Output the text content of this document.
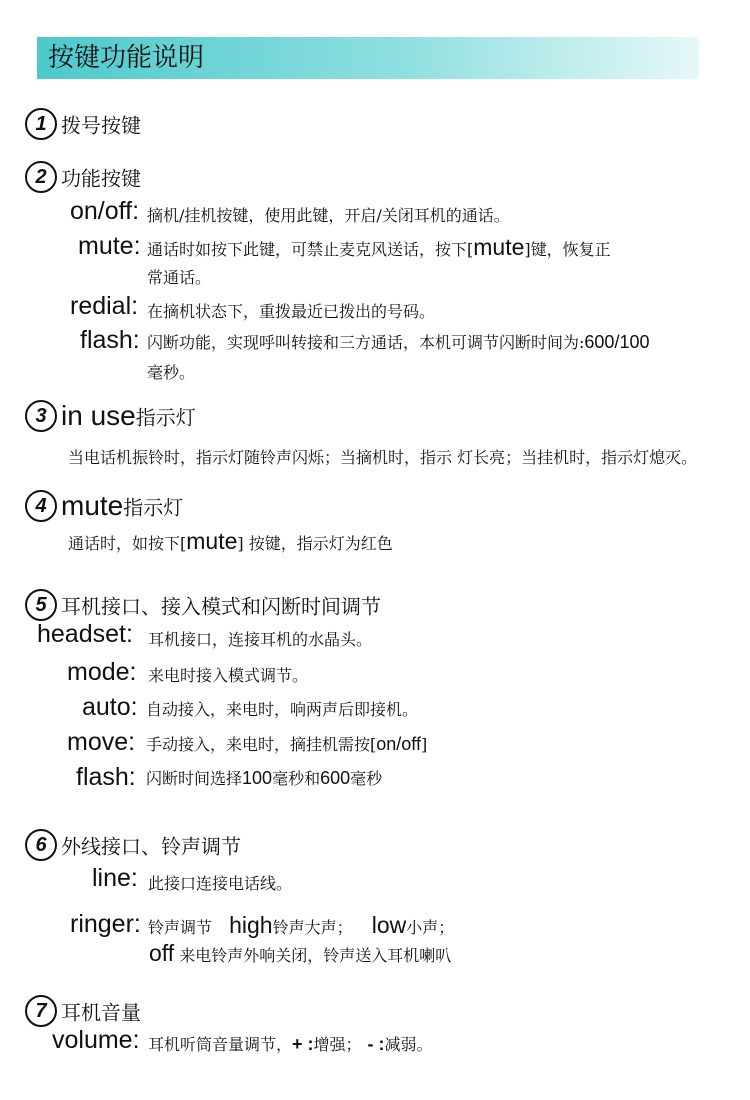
按键功能说明
1 拨号按键
2 功能按键
on/off: 摘机/挂机按键，使用此键，开启/关闭耳机的通话。
mute: 通话时如按下此键，可禁止麦克风送话，按下[mute]键，恢复正
常通话。
redial: 在摘机状态下，重拨最近已拨出的号码。
flash: 闪断功能，实现呼叫转接和三方通话，本机可调节闪断时间为:600/100
毫秒。
3 in use指示灯
当电话机振铃时，指示灯随铃声闪烁；当摘机时，指示 灯长亮；当挂机时，指示灯熄灭。
4 mute指示灯
通话时，如按下[mute] 按键，指示灯为红色
5 耳机接口、接入模式和闪断时间调节
headset: 耳机接口，连接耳机的水晶头。
mode: 来电时接入模式调节。
auto: 自动接入，来电时，响两声后即接机。
move: 手动接入，来电时，摘挂机需按[on/off]
flash: 闪断时间选择100毫秒和600毫秒
6 外线接口、铃声调节
line: 此接口连接电话线。
ringer: 铃声调节 high铃声大声； low小声；
off 来电铃声外响关闭，铃声送入耳机喇叭
7 耳机音量
volume: 耳机听筒音量调节，+ :增强； - :减弱。
